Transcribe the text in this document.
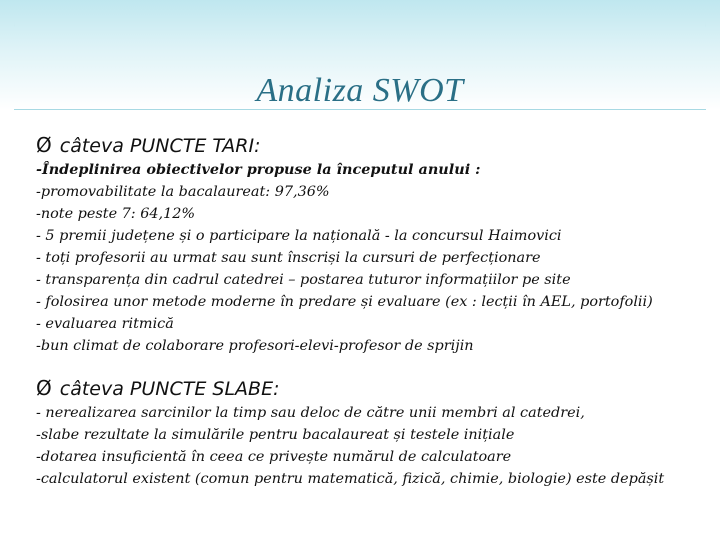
Analiza SWOT
Ø câteva PUNCTE TARI:
-Îndeplinirea obiectivelor propuse la începutul anului :
-promovabilitate la bacalaureat: 97,36%
-note peste 7: 64,12%
- 5 premii județene și o participare la națională - la concursul Haimovici
- toți profesorii au urmat sau sunt înscriși la cursuri de perfecționare
- transparența din cadrul catedrei – postarea tuturor informațiilor pe site
- folosirea unor metode moderne în predare și evaluare (ex : lecții în AEL, portofolii)
- evaluarea ritmică
-bun climat de colaborare profesori-elevi-profesor de sprijin
Ø câteva PUNCTE SLABE:
- nerealizarea sarcinilor la timp sau deloc de către unii membri al catedrei,
-slabe rezultate la simulările pentru bacalaureat și testele inițiale
-dotarea insuficientă în ceea ce privește numărul de calculatoare
-calculatorul existent (comun pentru matematică, fizică, chimie, biologie) este depășit
